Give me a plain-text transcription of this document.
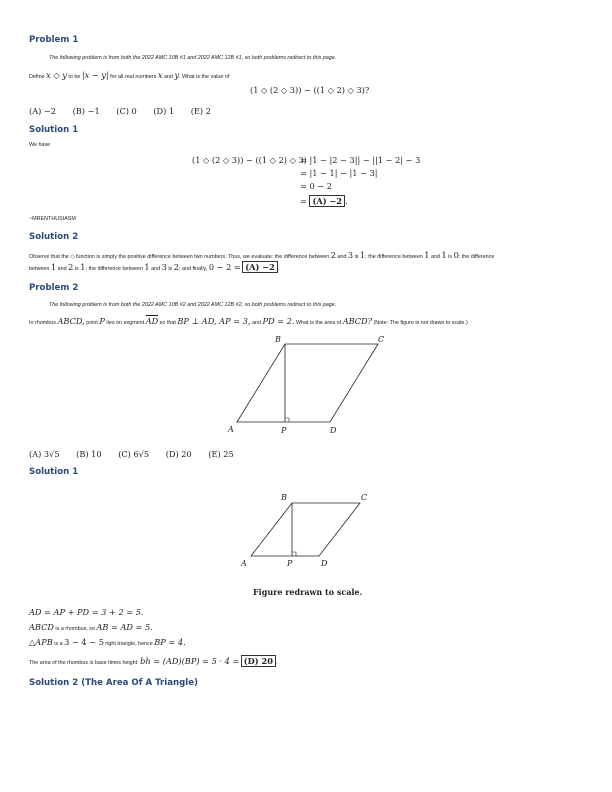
Problem 1
The following problem is from both the 2022 AMC 10B #1 and 2022 AMC 12B #1, so both problems redirect to this page.
Define x ◇ y to be |x − y| for all real numbers x and y. What is the value of
(1 ◇ (2 ◇ 3)) − ((1 ◇ 2) ◇ 3)?
(A) −2 (B) −1 (C) 0 (D) 1 (E) 2
Solution 1
We have
(1 ◇ (2 ◇ 3)) − ((1 ◇ 2) ◇ 3)
= |1 − |2 − 3|| − ||1 − 2| − 3
= |1 − 1| − |1 − 3|
= 0 − 2
= (A) −2 .
~MRENTHUSIASM
Solution 2
Observe that the ◇ function is simply the positive difference between two numbers. Thus, we evaluate: the difference between 2 and 3 is 1; the difference between 1 and 1 is 0; the difference
between 1 and 2 is 1; the difference between 1 and 3 is 2; and finally, 0 − 2 = (A) −2 .
Problem 2
The following problem is from both the 2022 AMC 10B #2 and 2022 AMC 12B #2, so both problems redirect to this page.
In rhombus ABCD, point P lies on segment $\overline{AD}$ so that BP ⊥ AD, AP = 3, and PD = 2. What is the area of ABCD? (Note: The figure is not drawn to scale.)
B	C
A	P	D
(A) 3√5 (B) 10 (C) 6√5 (D) 20 (E) 25
Solution 1
B	C
A	P	D
Figure redrawn to scale.
AD = AP + PD = 3 + 2 = 5.
ABCD is a rhombus, so AB = AD = 5.
△APB is a 3 − 4 − 5 right triangle, hence BP = 4.
The area of the rhombus is base times height: bh = (AD)(BP) = 5 · 4 = (D) 20 .
Solution 2 (The Area Of A Triangle)
